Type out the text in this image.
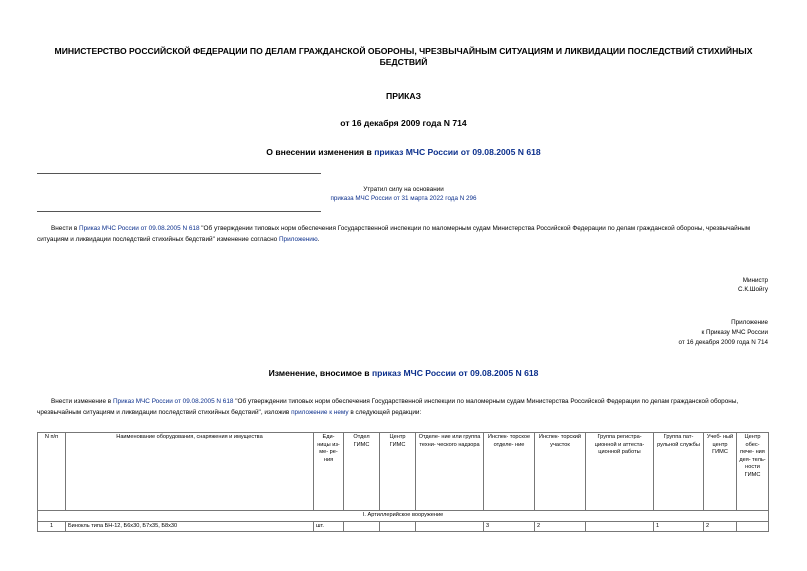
МИНИСТЕРСТВО РОССИЙСКОЙ ФЕДЕРАЦИИ ПО ДЕЛАМ ГРАЖДАНСКОЙ ОБОРОНЫ, ЧРЕЗВЫЧАЙНЫМ СИТУАЦИЯМ И ЛИКВИДАЦИИ ПОСЛЕДСТВИЙ СТИХИЙНЫХ БЕДСТВИЙ
ПРИКАЗ
от 16 декабря 2009 года N 714
О внесении изменения в приказ МЧС России от 09.08.2005 N 618
Утратил силу на основании
приказа МЧС России от 31 марта 2022 года N 296
Внести в Приказ МЧС России от 09.08.2005 N 618 "Об утверждении типовых норм обеспечения Государственной инспекции по маломерным судам Министерства Российской Федерации по делам гражданской обороны, чрезвычайным ситуациям и ликвидации последствий стихийных бедствий" изменение согласно Приложению.
Министр
С.К.Шойгу
Приложение
к Приказу МЧС России
от 16 декабря 2009 года N 714
Изменение, вносимое в приказ МЧС России от 09.08.2005 N 618
Внести изменение в Приказ МЧС России от 09.08.2005 N 618 "Об утверждении типовых норм обеспечения Государственной инспекции по маломерным судам Министерства Российской Федерации по делам гражданской обороны, чрезвычайным ситуациям и ликвидации последствий стихийных бедствий", изложив приложение к нему в следующей редакции:
N п/п	Наименование оборудования, снаряжения и имущества	Еди- ницы из- ме- ре- ния	Отдел ГИМС	Центр ГИМС	Отделе- ние или группа техни- ческого надзора	Инспек- торское отделе- ние	Инспек- торский участок	Группа регистра- ционной и аттеста- ционной работы	Группа пат- рульной службы	Учеб- ный центр ГИМС	Центр обес- пече- ния дея- тель- ности ГИМС
I. Артиллерийское вооружение											
1	Бинокль типа БН-12, Б6х30, Б7х35, Б8х30	шт.				3	2		1	2	
